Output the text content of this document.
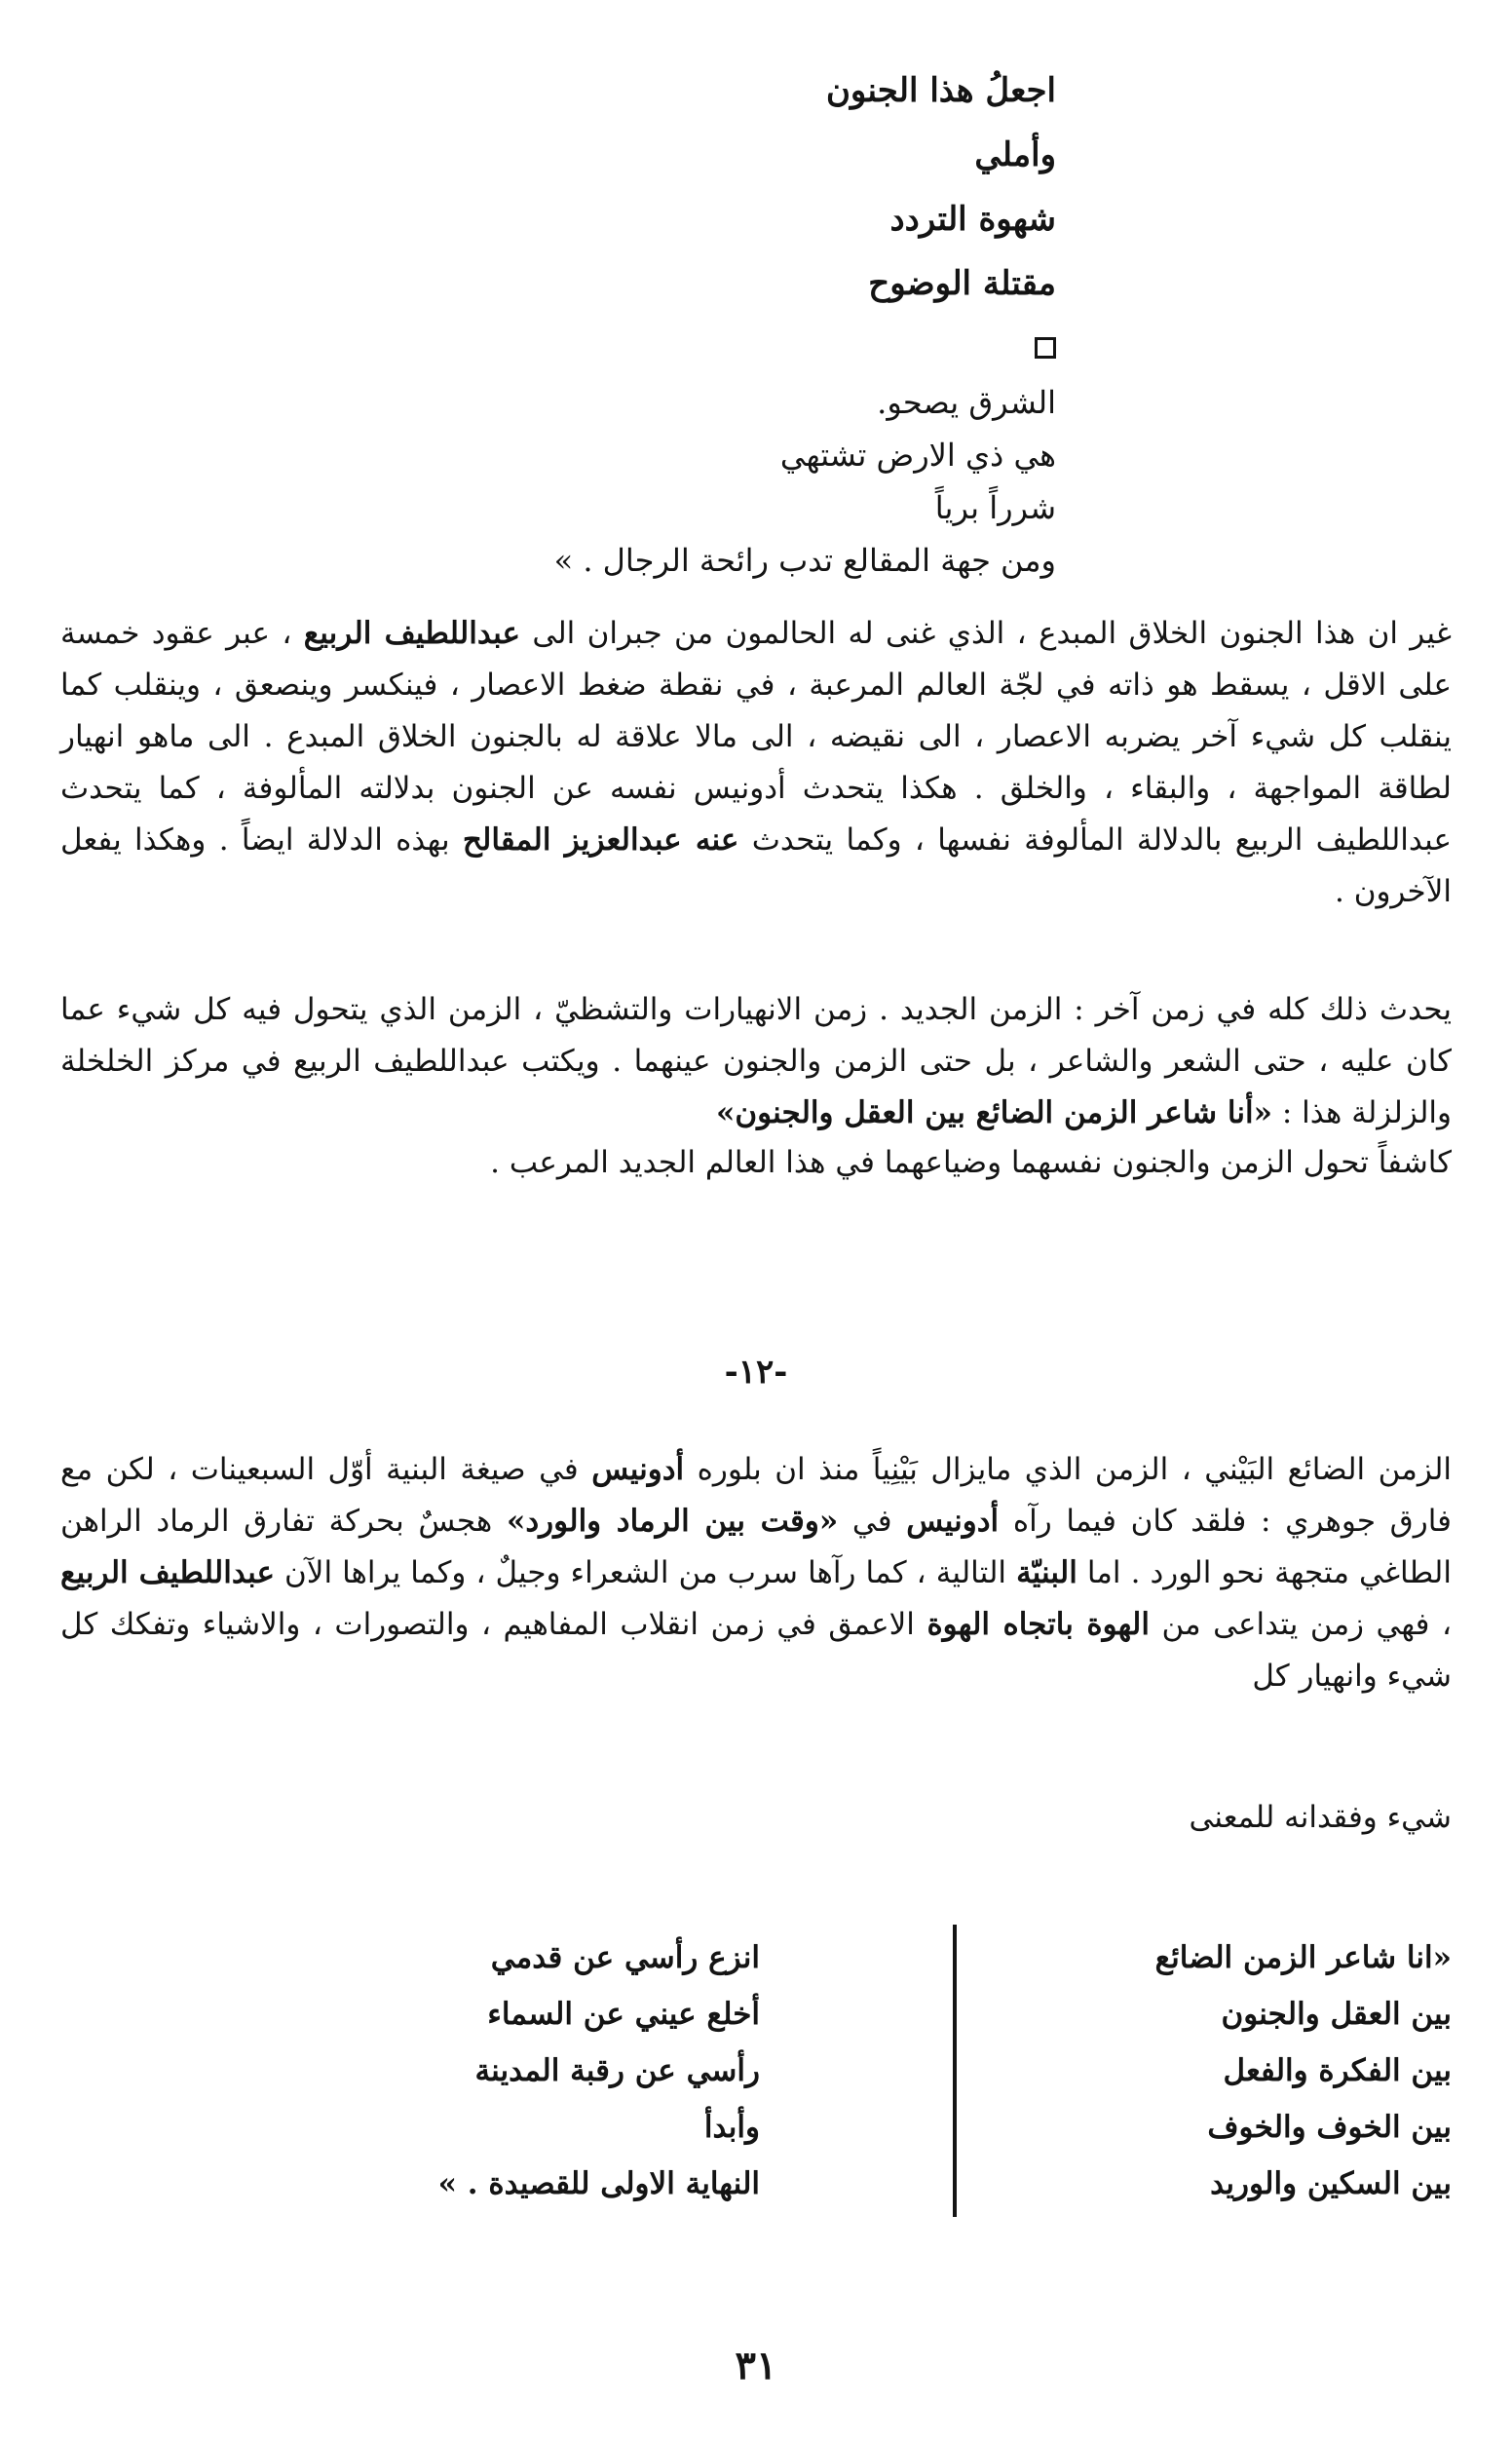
اجعلُ هذا الجنون
وأملي
شهوة التردد
مقتلة الوضوح
الشرق يصحو.
هي ذي الارض تشتهي
شرراً برياً
ومن جهة المقالع تدب رائحة الرجال . »

غير ان هذا الجنون الخلاق المبدع ، الذي غنى له الحالمون من جبران الى عبداللطيف الربيع ، عبر عقود خمسة على الاقل ، يسقط هو ذاته في لجّة العالم المرعبة ، في نقطة ضغط الاعصار ، فينكسر وينصعق ، وينقلب كما ينقلب كل شيء آخر يضربه الاعصار ، الى نقيضه ، الى مالا علاقة له بالجنون الخلاق المبدع . الى ماهو انهيار لطاقة المواجهة ، والبقاء ، والخلق . هكذا يتحدث أدونيس نفسه عن الجنون بدلالته المألوفة ، كما يتحدث عبداللطيف الربيع بالدلالة المألوفة نفسها ، وكما يتحدث عنه عبدالعزيز المقالح بهذه الدلالة ايضاً . وهكذا يفعل الآخرون .

يحدث ذلك كله في زمن آخر : الزمن الجديد . زمن الانهيارات والتشظيّ ، الزمن الذي يتحول فيه كل شيء عما كان عليه ، حتى الشعر والشاعر ، بل حتى الزمن والجنون عينهما . ويكتب عبداللطيف الربيع في مركز الخلخلة والزلزلة هذا : «أنا شاعر الزمن الضائع بين العقل والجنون»

كاشفاً تحول الزمن والجنون نفسهما وضياعهما في هذا العالم الجديد المرعب .

-١٢-

الزمن الضائع البَيْني ، الزمن الذي مايزال بَيْنِياً منذ ان بلوره أدونيس في صيغة البنية أوّل السبعينات ، لكن مع فارق جوهري : فلقد كان فيما رآه أدونيس في «وقت بين الرماد والورد» هجسٌ بحركة تفارق الرماد الراهن الطاغي متجهة نحو الورد . اما البنيّة التالية ، كما رآها سرب من الشعراء وجيلٌ ، وكما يراها الآن عبداللطيف الربيع ، فهي زمن يتداعى من الهوة باتجاه الهوة الاعمق في زمن انقلاب المفاهيم ، والتصورات ، والاشياء وتفكك كل شيء وانهيار كل

شيء وفقدانه للمعنى
«انا شاعر الزمن الضائع
بين العقل والجنون
بين الفكرة والفعل
بين الخوف والخوف
بين السكين والوريد
انزع رأسي عن قدمي
أخلع عيني عن السماء
رأسي عن رقبة المدينة
وأبدأ
النهاية الاولى للقصيدة . »
٣١
